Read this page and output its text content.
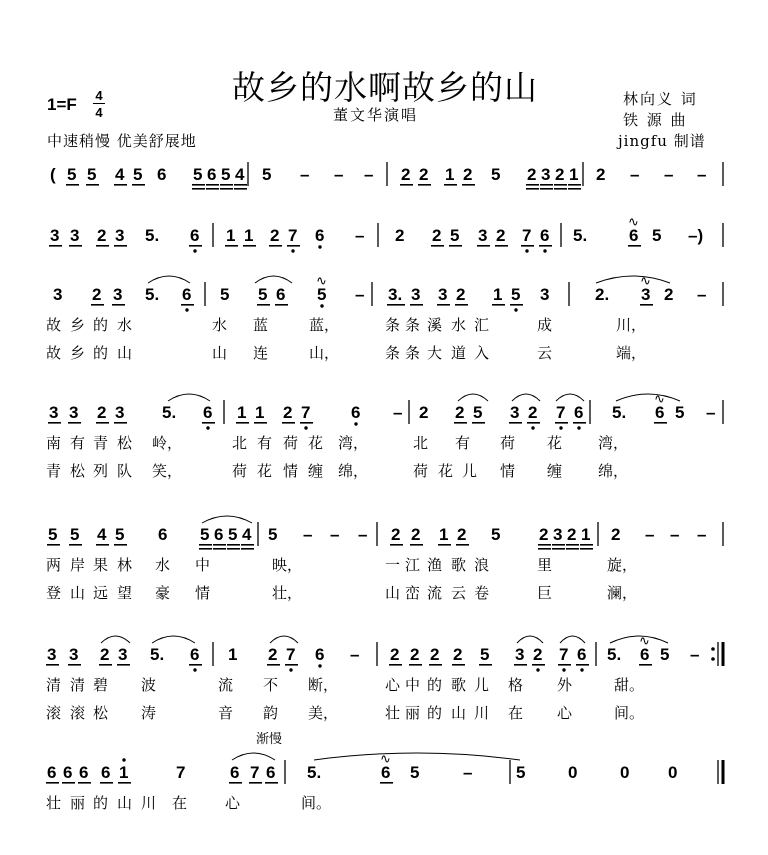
故乡的水啊故乡的山
董文华演唱
林向义 词
铁 源 曲
jingfu 制谱
1=F 4
4
中速稍慢 优美舒展地
( 5 5 4 5 6 5 6 5 4 5 – – – 2 2 1 2 5 2 3 2 1 2 – – –
3 3 2 3 5. 6 1 1 2 7 6 – 2 2 5 3 2 7 6 5. 6
∿
5 –)
3 2 3 5. 6 5 5 6 5
∿
– 3. 3 3 2 1 5 3	2. 3
∿
2 –
故 乡 的 水	水 蓝	蓝，	条 条 溪 水 汇	成	川，
故 乡 的 山	山 连	山，	条 条 大 道 入	云	端，
3 3 2 3 5. 6 1 1 2 7 6 – 2 2 5 3 2 7 6 5. 6
∿
5 –
南 有 青 松 岭，	北 有 荷 花 湾，	北 有 荷 花 湾，
青 松 列 队 笑，	荷 花 情 缠 绵，	荷 花 儿 情 缠 绵，
5 5 4 5 6 5 6 5 4 5 – – – 2 2 1 2 5 2 3 2 1 2 – – –
两 岸 果 林 水 中	映，	一 江 渔 歌 浪	里	旋，
登 山 远 望 豪 情	壮，	山 峦 流 云 卷	巨	澜，
3 3 2 3 5. 6 1 2 7 6 – 2 2 2 2 5 3 2 7 6 5. 6
∿
5 –
清 清 碧 波	流 不 断，	心 中 的 歌 儿 格 外	甜。
滚 滚 松 涛	音 韵 美，	壮 丽 的 山 川 在 心	间。
6 6 6 6 1	7	6 7 6 5.	6
∿
5	–	5	0	0 0
壮 丽 的 山 川 在	心	间。
渐慢
